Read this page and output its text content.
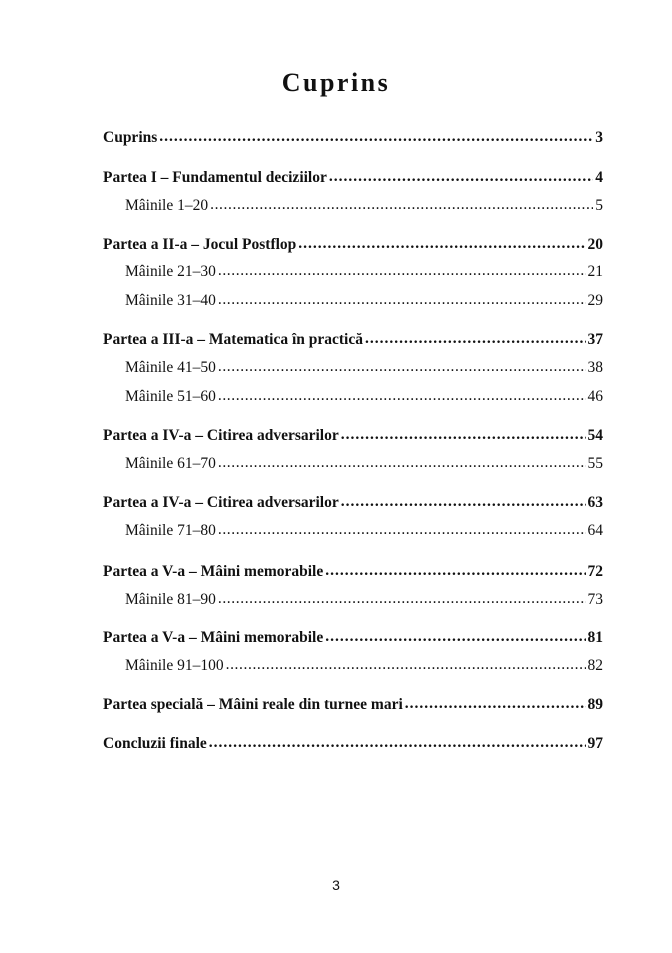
Cuprins
Cuprins .....	3
Partea I – Fundamentul deciziilor .....	4
Mâinile 1–20 .....	5
Partea a II-a – Jocul Postflop .....	20
Mâinile 21–30 .....	21
Mâinile 31–40 .....	29
Partea a III-a – Matematica în practică .....	37
Mâinile 41–50 .....	38
Mâinile 51–60 .....	46
Partea a IV-a – Citirea adversarilor .....	54
Mâinile 61–70 .....	55
Partea a IV-a – Citirea adversarilor .....	63
Mâinile 71–80 .....	64
Partea a V-a – Mâini memorabile .....	72
Mâinile 81–90 .....	73
Partea a V-a – Mâini memorabile .....	81
Mâinile 91–100 .....	82
Partea specială – Mâini reale din turnee mari .....	89
Concluzii finale .....	97
3
